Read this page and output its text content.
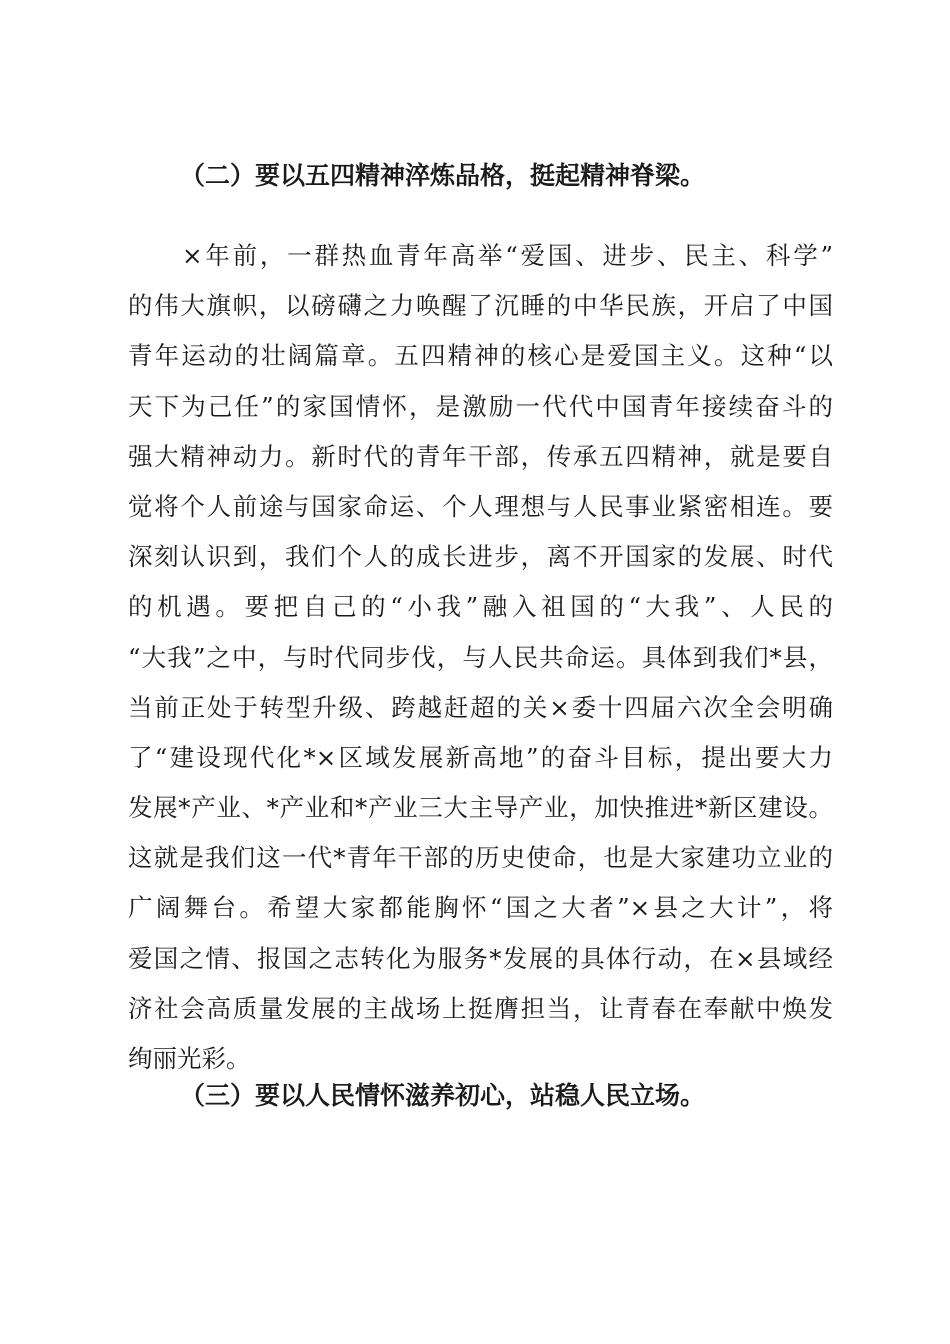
（二）要以五四精神淬炼品格，挺起精神脊梁。
×年前，一群热血青年高举“爱国、进步、民主、科学”
的伟大旗帜，以磅礴之力唤醒了沉睡的中华民族，开启了中国
青年运动的壮阔篇章。五四精神的核心是爱国主义。这种“以
天下为己任”的家国情怀，是激励一代代中国青年接续奋斗的
强大精神动力。新时代的青年干部，传承五四精神，就是要自
觉将个人前途与国家命运、个人理想与人民事业紧密相连。要
深刻认识到，我们个人的成长进步，离不开国家的发展、时代
的机遇。要把自己的“小我”融入祖国的“大我”、人民的
“大我”之中，与时代同步伐，与人民共命运。具体到我们*县，
当前正处于转型升级、跨越赶超的关×委十四届六次全会明确
了“建设现代化*×区域发展新高地”的奋斗目标，提出要大力
发展*产业、*产业和*产业三大主导产业，加快推进*新区建设。
这就是我们这一代*青年干部的历史使命，也是大家建功立业的
广阔舞台。希望大家都能胸怀“国之大者”×县之大计”，将
爱国之情、报国之志转化为服务*发展的具体行动，在×县域经
济社会高质量发展的主战场上挺膺担当，让青春在奉献中焕发
绚丽光彩。
（三）要以人民情怀滋养初心，站稳人民立场。
